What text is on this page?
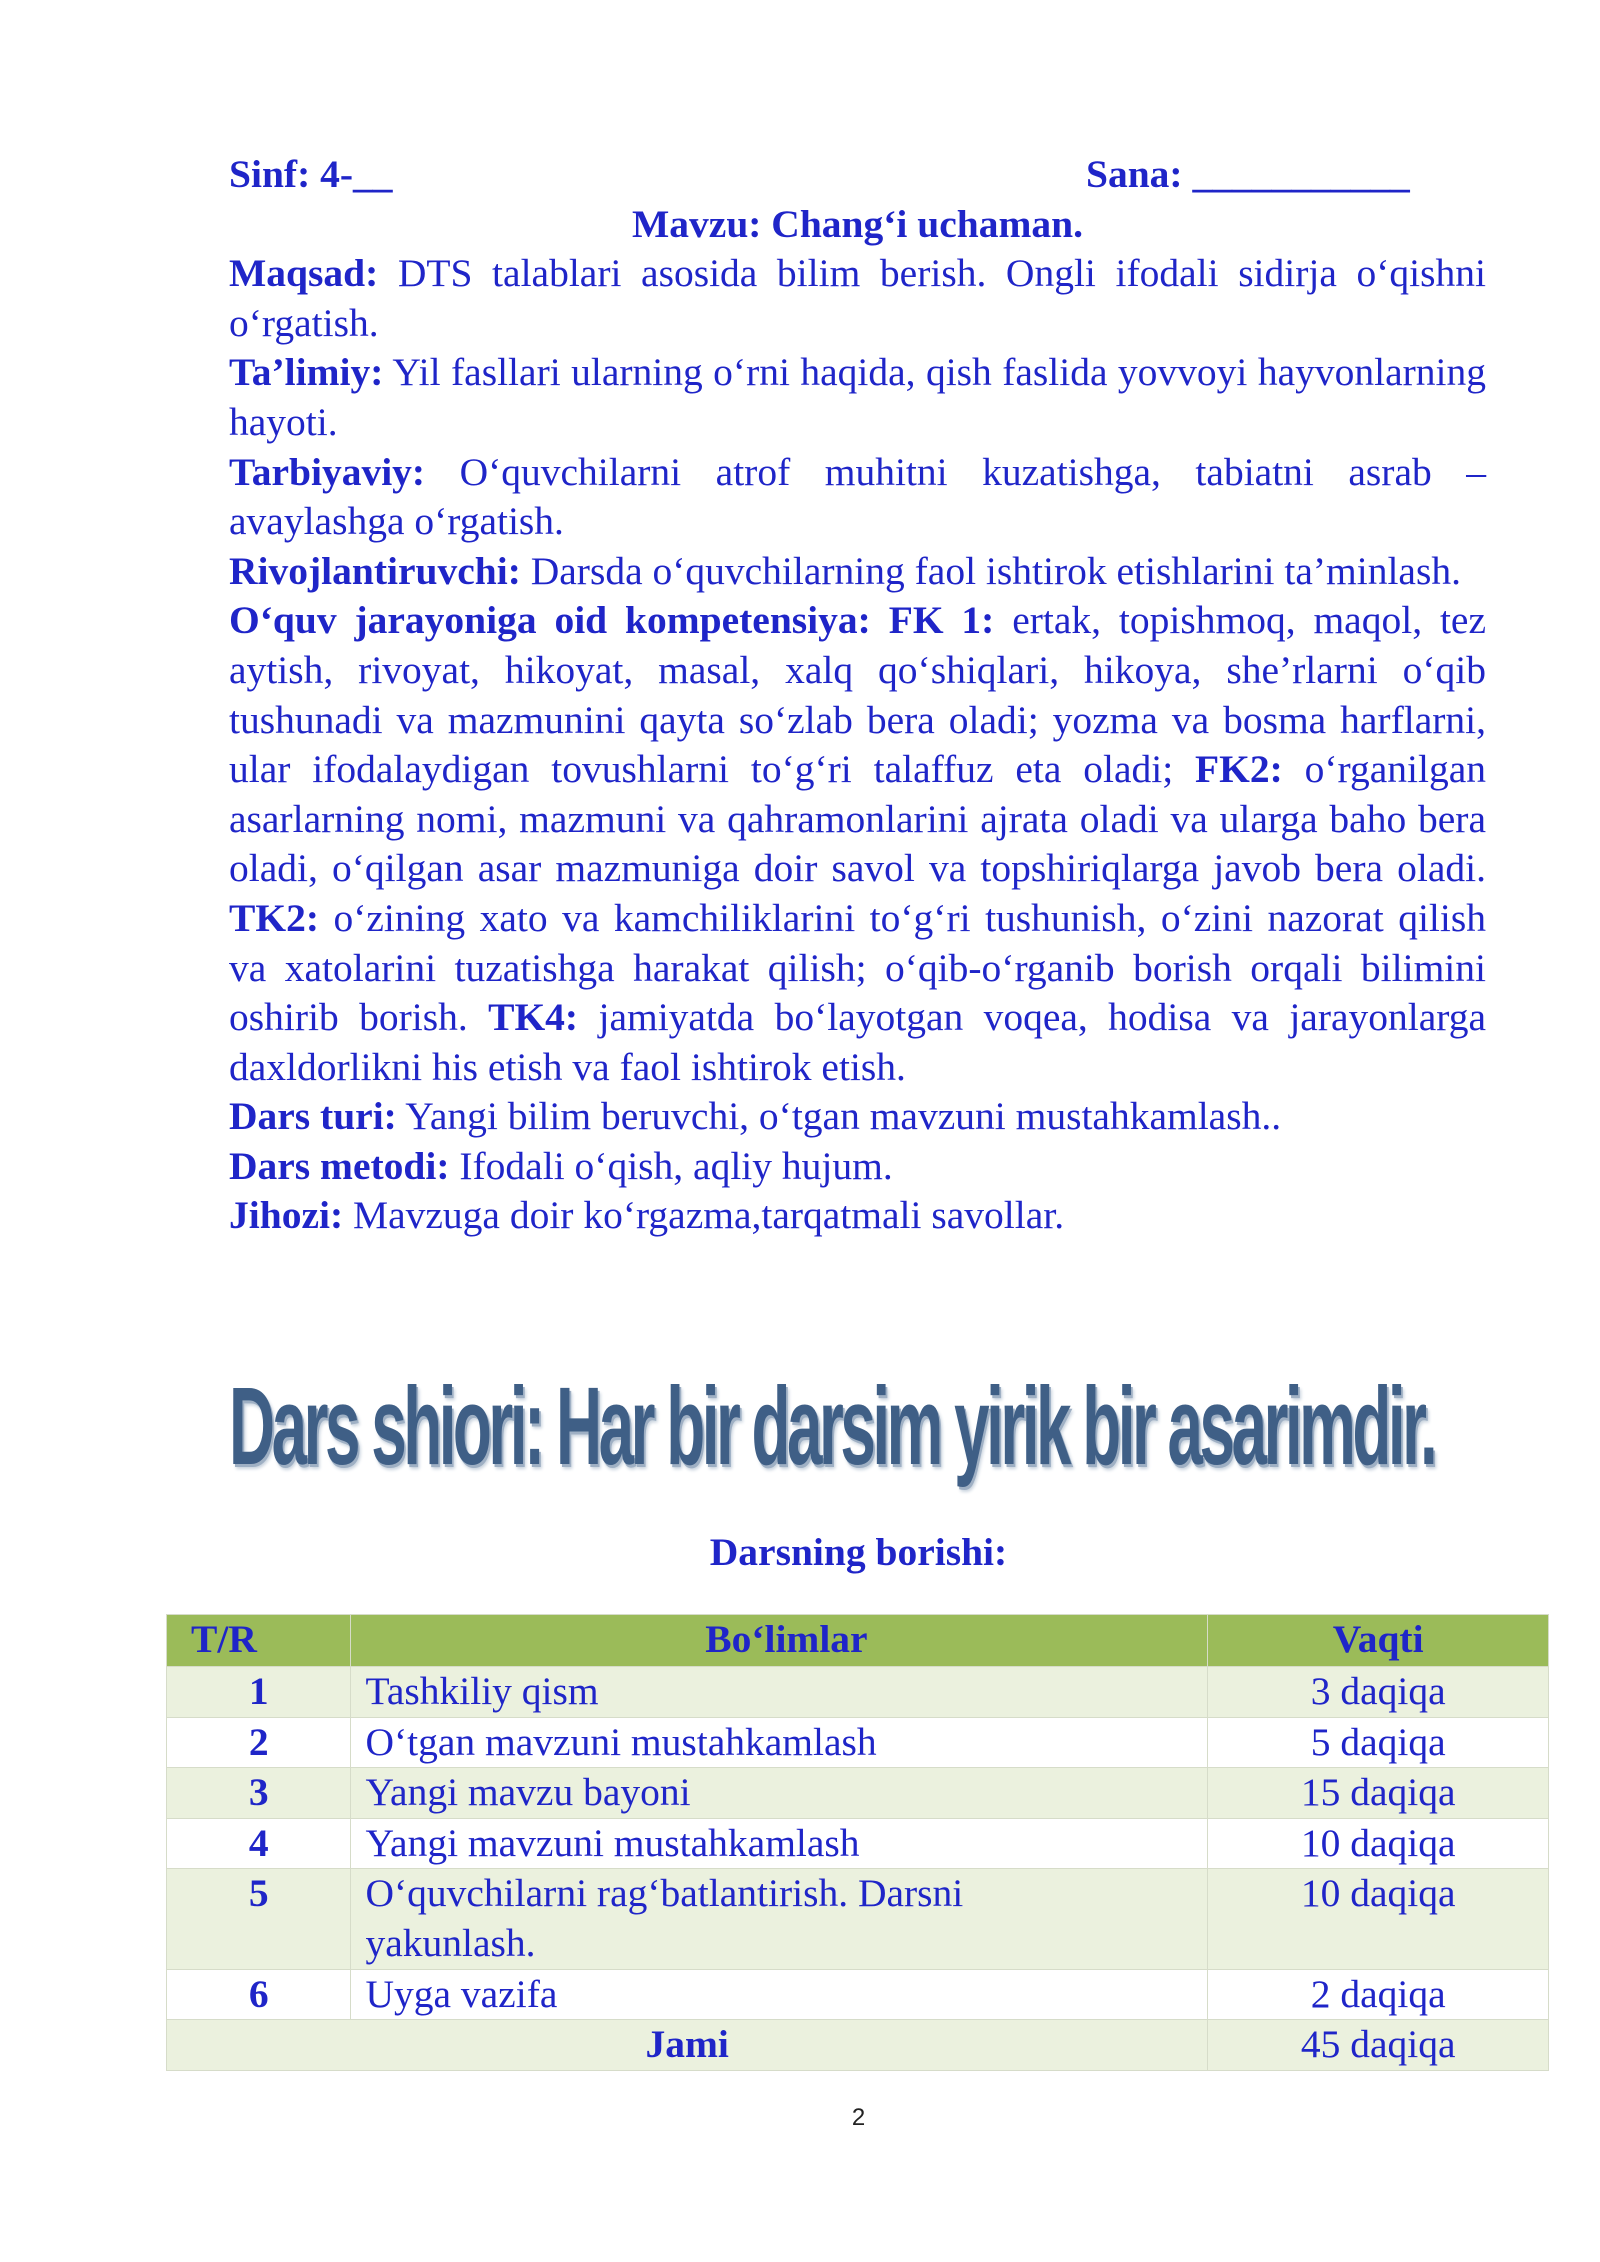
Sinf: 4-__	Sana: ___________

Mavzu: Chang‘i uchaman.

Maqsad: DTS talablari asosida bilim berish. Ongli ifodali sidirja o‘qishni o‘rgatish.

Ta’limiy: Yil fasllari ularning o‘rni haqida, qish faslida yovvoyi hayvonlarning hayoti.

Tarbiyaviy: O‘quvchilarni atrof muhitni kuzatishga, tabiatni asrab – avaylashga o‘rgatish.

Rivojlantiruvchi: Darsda o‘quvchilarning faol ishtirok etishlarini ta’minlash.

O‘quv jarayoniga oid kompetensiya: FK 1: ertak, topishmoq, maqol, tez aytish, rivoyat, hikoyat, masal, xalq qo‘shiqlari, hikoya, she’rlarni o‘qib tushunadi va mazmunini qayta so‘zlab bera oladi; yozma va bosma harflarni, ular ifodalaydigan tovushlarni to‘g‘ri talaffuz eta oladi; FK2: o‘rganilgan asarlarning nomi, mazmuni va qahramonlarini ajrata oladi va ularga baho bera oladi, o‘qilgan asar mazmuniga doir savol va topshiriqlarga javob bera oladi. TK2: o‘zining xato va kamchiliklarini to‘g‘ri tushunish, o‘zini nazorat qilish va xatolarini tuzatishga harakat qilish; o‘qib-o‘rganib borish orqali bilimini oshirib borish. TK4: jamiyatda bo‘layotgan voqea, hodisa va jarayonlarga daxldorlikni his etish va faol ishtirok etish.

Dars turi: Yangi bilim beruvchi, o‘tgan mavzuni mustahkamlash..

Dars metodi: Ifodali o‘qish, aqliy hujum.

Jihozi: Mavzuga doir ko‘rgazma,tarqatmali savollar.

Dars shiori: Har bir darsim yirik bir asarimdir.
Darsning borishi:
T/R	Bo‘limlar	Vaqti
1	Tashkiliy qism	3 daqiqa
2	O‘tgan mavzuni mustahkamlash	5 daqiqa
3	Yangi mavzu bayoni	15 daqiqa
4	Yangi mavzuni mustahkamlash	10 daqiqa
5	O‘quvchilarni rag‘batlantirish. Darsni yakunlash.	10 daqiqa
6	Uyga vazifa	2 daqiqa
Jami		45 daqiqa
2
